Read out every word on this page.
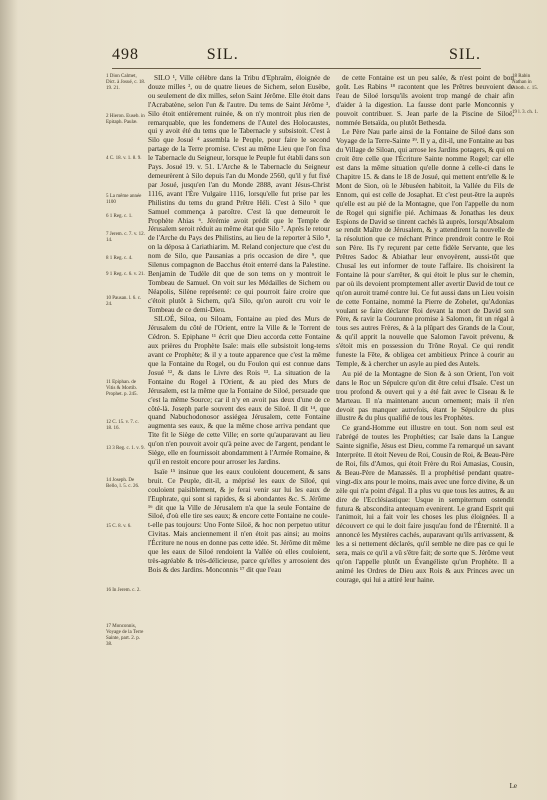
498	SIL.	SIL.
1 Dion Calmet, Dict. à Josué, c. 18. 19. 21.
2 Hieron. Euseb. in Epitaph. Paulæ.
4 C. 18. v. 1. 8. 9.
5 La même année 1100
6 1 Reg. c. 1.
7 Jerem. c. 7. v. 12. 14.
8 1 Reg. c. 4.
9 1 Reg. c. 6. v. 21.
10 Pausan. l. 6. c. 24.
11 Epiphan. de Vitis & Mortib. Prophet. p. 245.
12 C. 15. v. 7. c. 18. 16.
13 3 Reg. c. 1. v. 9.
14 Joseph. De Bello, l. 5. c. 26.
15 C. 8. v. 6.
16 In Jerem. c. 2.
17 Monconnis, Voyage de la Terre Sainte, part. 2. p. 38.

SILO ¹, Ville célèbre dans la Tribu d'Ephraïm, éloignée de douze milles ², ou de quatre lieues de Sichem, selon Eusèbe, ou seulement de dix milles, selon Saint Jérôme. Elle étoit dans l'Acrabatène, selon l'un & l'autre. Du tems de Saint Jérôme ³, Silo étoit entièrement ruinée, & on n'y montroit plus rien de remarquable, que les fondemens de l'Autel des Holocaustes, qui y avoit été du tems que le Tabernacle y subsistoit. C'est à Silo que Josué ⁴ assembla le Peuple, pour faire le second partage de la Terre promise. C'est au même Lieu que l'on fixa le Tabernacle du Seigneur, lorsque le Peuple fut établi dans son Pays. Josué 19. v. 51. L'Arche & le Tabernacle du Seigneur demeurèrent à Silo depuis l'an du Monde 2560, qu'il y fut fixé par Josué, jusqu'en l'an du Monde 2888, avant Jésus-Christ 1116, avant l'Ère Vulgaire 1116, lorsqu'elle fut prise par les Philistins du tems du grand Prêtre Héli. C'est à Silo ⁵ que Samuel commença à paroître. C'est là que demeuroit le Prophète Ahias ⁶. Jérémie avoit prédit que le Temple de Jérusalem seroit réduit au même état que Silo ⁷. Après le retour de l'Arche du Pays des Philistins, au lieu de la reporter à Silo ⁸, on la déposa à Cariathiarim. M. Reland conjecture que c'est du nom de Silo, que Pausanias a pris occasion de dire ⁹, que Silenus compagnon de Bacchus étoit enterré dans la Palestine. Benjamin de Tudèle dit que de son tems on y montroit le Tombeau de Samuel. On voit sur les Médailles de Sichem ou Néapolis, Silène représenté: ce qui pourroit faire croire que c'étoit plutôt à Sichem, qu'à Silo, qu'on auroit cru voir le Tombeau de ce demi-Dieu.

SILOÉ, Siloa, ou Siloam, Fontaine au pied des Murs de Jérusalem du côté de l'Orient, entre la Ville & le Torrent de Cédron. S. Epiphane ¹¹ écrit que Dieu accorda cette Fontaine aux prières du Prophète Isaïe: mais elle subsistoit long-tems avant ce Prophète; & il y a toute apparence que c'est la même que la Fontaine du Rogel, ou du Foulon qui est connue dans Josué ¹², & dans le Livre des Rois ¹³. La situation de la Fontaine du Rogel à l'Orient, & au pied des Murs de Jérusalem, est la même que la Fontaine de Siloé, persuade que c'est la même Source; car il n'y en avoit pas deux d'une de ce côté-là. Joseph parle souvent des eaux de Siloé. Il dit ¹⁴, que quand Nabuchodonosor assiégea Jérusalem, cette Fontaine augmenta ses eaux, & que la même chose arriva pendant que Tite fit le Siège de cette Ville; en sorte qu'auparavant au lieu qu'on n'en pouvoit avoir qu'à peine avec de l'argent, pendant le Siège, elle en fournissoit abondamment à l'Armée Romaine, & qu'il en restoit encore pour arroser les Jardins.

Isaïe ¹⁵ insinue que les eaux couloient doucement, & sans bruit. Ce Peuple, dit-il, a méprisé les eaux de Siloé, qui couloient paisiblement, & je ferai venir sur lui les eaux de l'Euphrate, qui sont si rapides, & si abondantes &c. S. Jérôme ¹⁶ dit que la Ville de Jérusalem n'a que la seule Fontaine de Siloé, d'où elle tire ses eaux; & encore cette Fontaine ne coule-t-elle pas toujours: Uno Fonte Siloë, & hoc non perpetuo utitur Civitas. Mais anciennement il n'en étoit pas ainsi; au moins l'Écriture ne nous en donne pas cette idée. St. Jérôme dit même que les eaux de Siloé rendoient la Vallée où elles couloient, très-agréable & très-délicieuse, parce qu'elles y arrosoient des Bois & des Jardins. Monconnis ¹⁷ dit que l'eau

de cette Fontaine est un peu salée, & n'est point de bon goût. Les Rabins ¹⁸ racontent que les Prêtres beuvoient de l'eau de Siloé lorsqu'ils avoient trop mangé de chair afin d'aider à la digestion. La fausse dont parle Monconnis y pouvoit contribuer. S. Jean parle de la Piscine de Siloé, nommée Betsaïda, ou plutôt Bethesda.

Le Père Nau parle ainsi de la Fontaine de Siloé dans son Voyage de la Terre-Sainte ¹⁹. Il y a, dit-il, une Fontaine au bas du Village de Siloan, qui arrose les Jardins potagers, & qui on croit être celle que l'Écriture Sainte nomme Rogel; car elle est dans la même situation qu'elle donne à celle-ci dans le Chapitre 15. & dans le 18 de Josué, qui mettent entr'elle & le Mont de Sion, où le Jébuséen habitoit, la Vallée du Fils de Ennom, qui est celle de Josaphat. Et c'est peut-être la auprès qu'elle est au pié de la Montagne, que l'on l'appelle du nom de Rogel qui signifie pié. Achimaas & Jonathas les deux Espions de David se tinrent cachés là auprès, lorsqu'Absalom se rendit Maître de Jérusalem, & y attendirent la nouvelle de la résolution que ce méchant Prince prendroit contre le Roi son Père. Ils l'y reçurent par cette fidèle Servante, que les Prêtres Sadoc & Abiathar leur envoyèrent, aussi-tôt que Chusaï les eut informer de toute l'affaire. Ils choisirent la Fontaine là pour s'arrêter, & qui étoit le plus sur le chemin, par où ils devoient promptement aller avertir David de tout ce qu'on auroit tramé contre lui. Ce fut aussi dans un Lieu voisin de cette Fontaine, nommé la Pierre de Zohelet, qu'Adonias voulant se faire déclarer Roi devant la mort de David son Père, & ravir la Couronne promise à Salomon, fit un régal à tous ses autres Frères, & à la plûpart des Grands de la Cour, & qu'il apprit la nouvelle que Salomon l'avoit prévenu, & s'étoit mis en possession du Trône Royal. Ce qui rendit funeste la Fête, & obligea cet ambitieux Prince à courir au Temple, & à chercher un asyle au pied des Autels.

Au pié de la Montagne de Sion & à son Orient, l'on voit dans le Roc un Sépulcre qu'on dit être celui d'Isaïe. C'est un trou profond & ouvert qui y a été fait avec le Ciseau & le Marteau. Il n'a maintenant aucun ornement; mais il n'en devoit pas manquer autrefois, étant le Sépulcre du plus illustre & du plus qualifié de tous les Prophètes.

Ce grand-Homme eut illustre en tout. Son nom seul est l'abrégé de toutes les Prophéties; car Isaïe dans la Langue Sainte signifie, Jésus est Dieu, comme l'a remarqué un savant Interprète. Il étoit Neveu de Roi, Cousin de Roi, & Beau-Père de Roi, fils d'Amos, qui étoit Frère du Roi Amasias, Cousin, & Beau-Père de Manassès. Il a prophétisé pendant quatre-vingt-dix ans pour le moins, mais avec une force divine, & un zèle qui n'a point d'égal. Il a plus vu que tous les autres, & au dire de l'Ecclésiastique: Usque in sempiternum ostendit futura & abscondita antequam evenirent. Le grand Esprit qui l'animoit, lui a fait voir les choses les plus éloignées. Il a découvert ce qui le doit faire jusqu'au fond de l'Éternité. Il a annoncé les Mystères cachés, auparavant qu'ils arrivassent, & les a si nettement déclarés, qu'il semble ne dire pas ce qui le sera, mais ce qu'il a vû s'être fait; de sorte que S. Jérôme veut qu'on l'appelle plutôt un Évangéliste qu'un Prophète. Il a animé les Ordres de Dieu aux Rois & aux Princes avec un courage, qui lui a attiré leur haine.

18 Rabin Nathan in Aboth. c. 15.
19 l. 3. ch. 1.
Le
